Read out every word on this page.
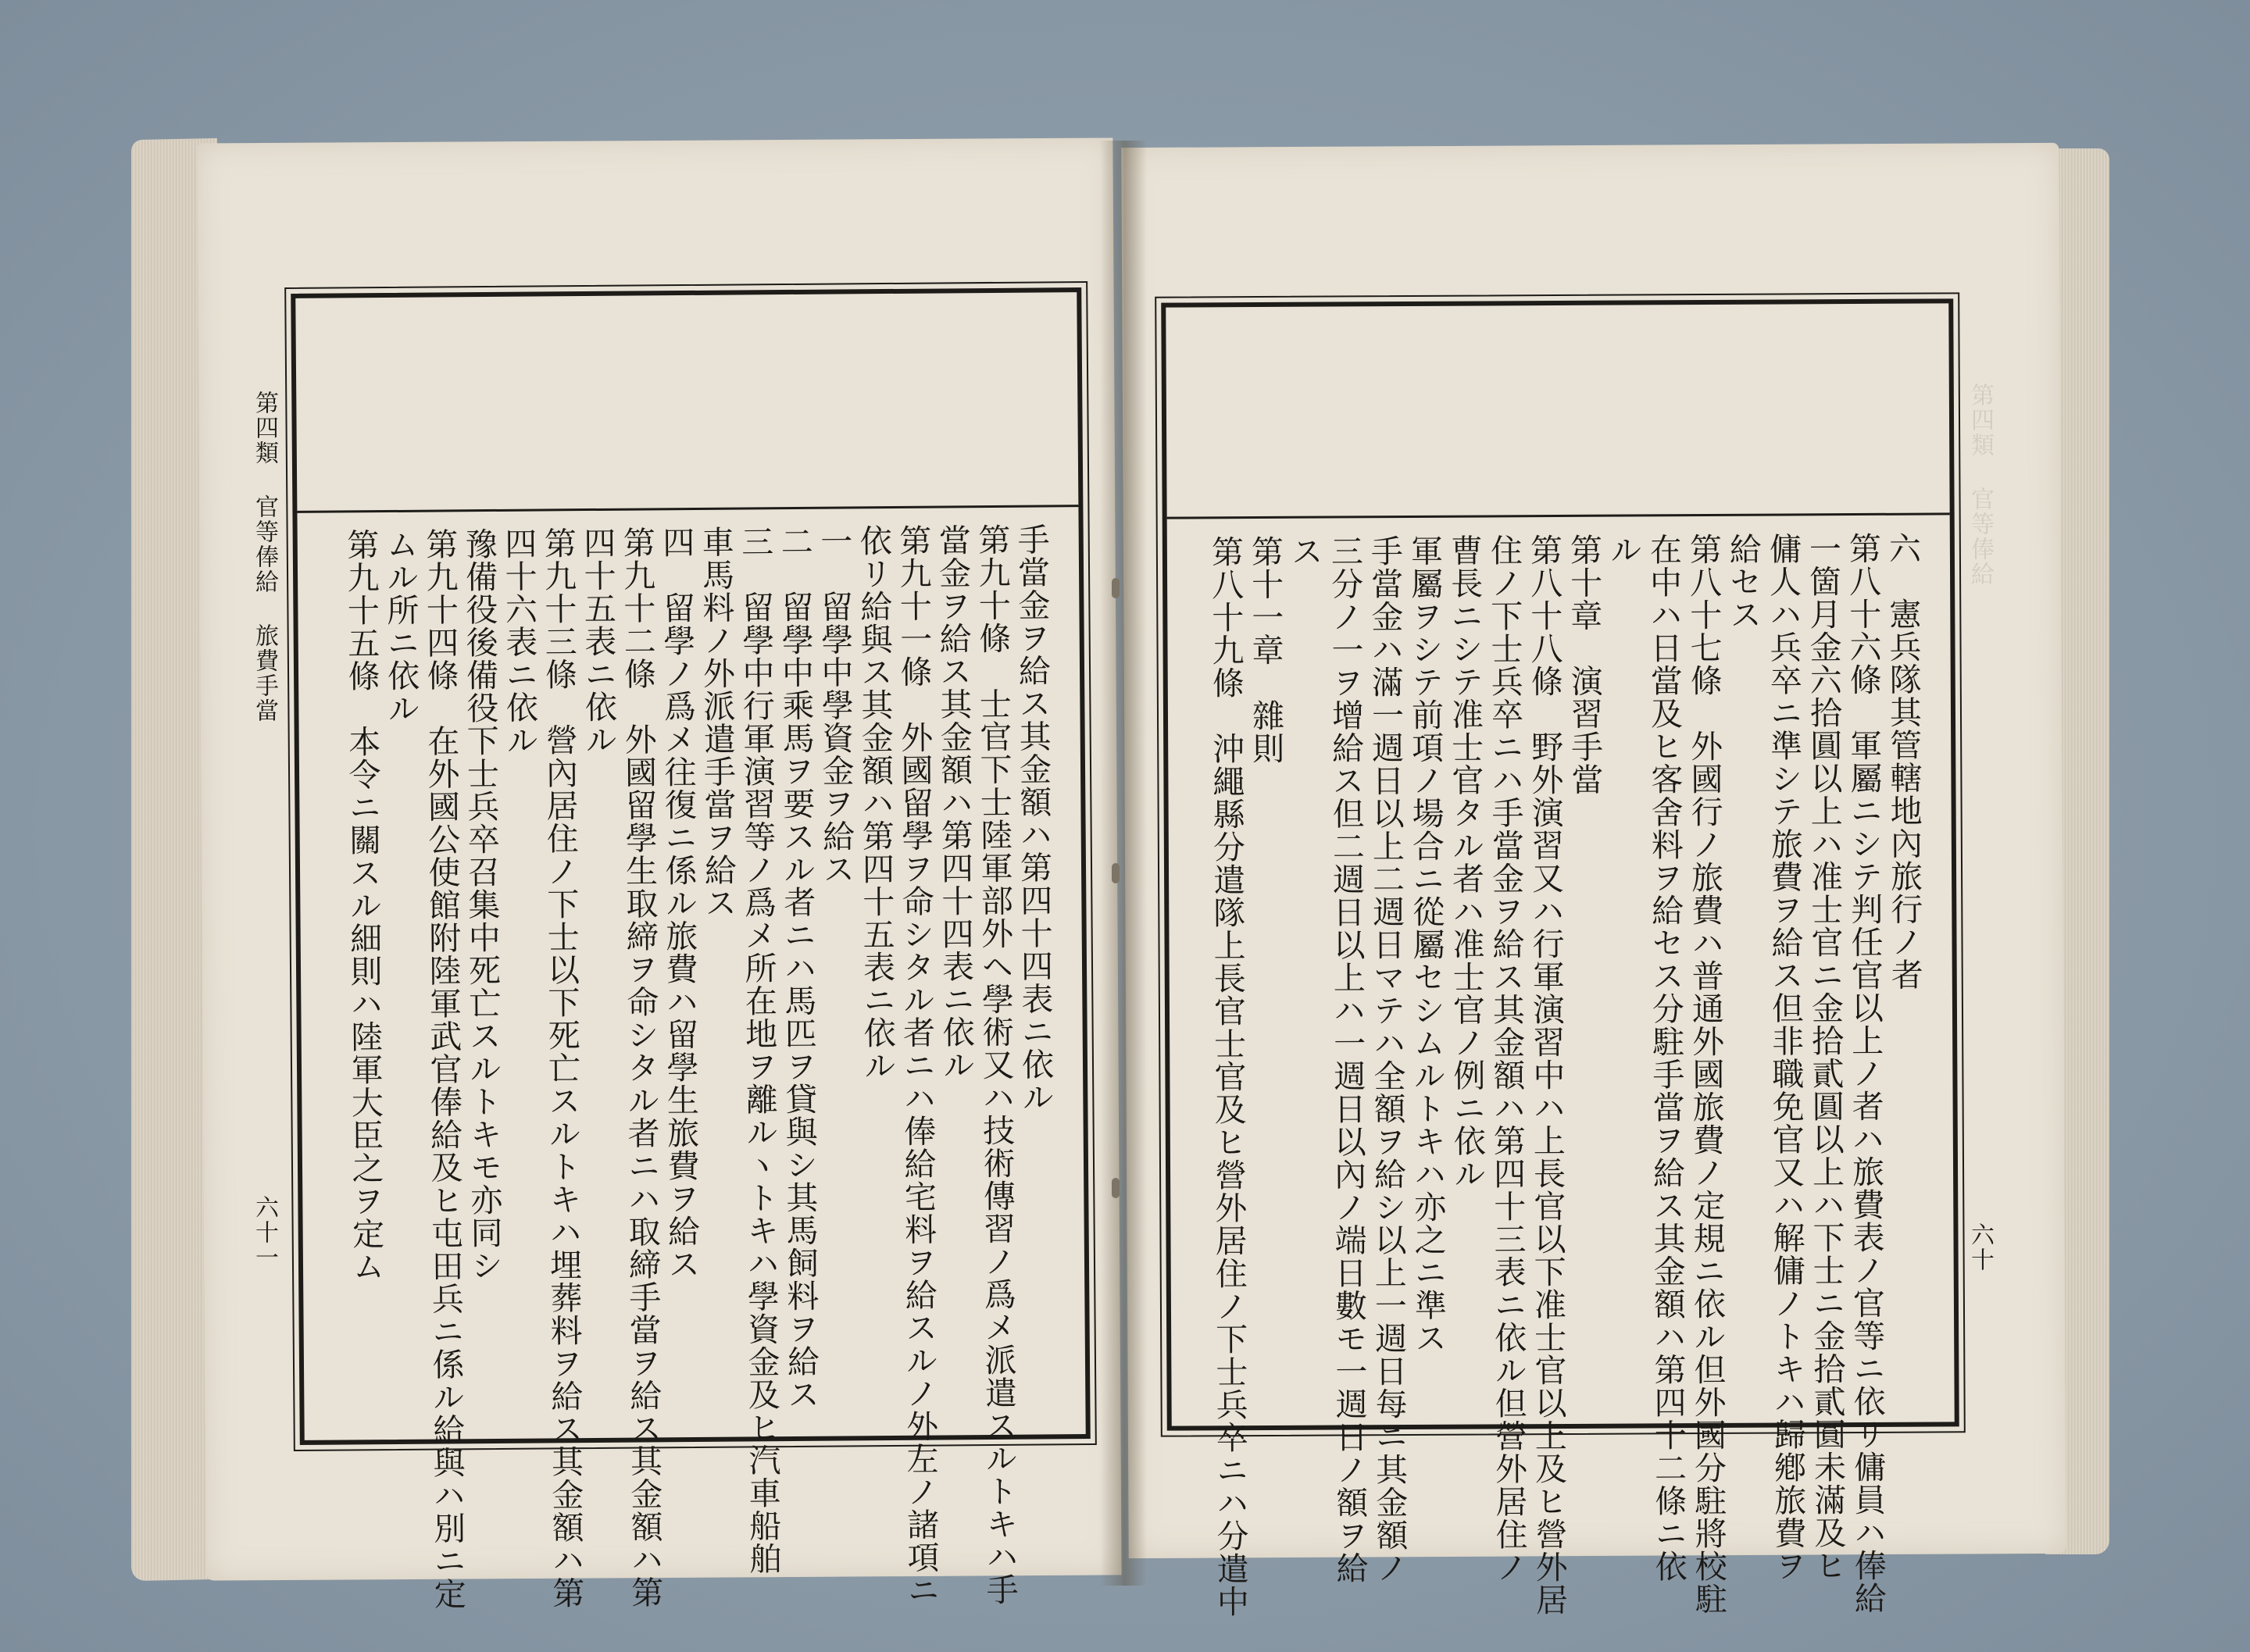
第四類 官等俸給 旅費手當
六十一
手當金ヲ給ス其金額ハ第四十四表ニ依ル
第九十條　士官下士陸軍部外ヘ學術又ハ技術傳習ノ爲メ派遣スルトキハ手
當金ヲ給ス其金額ハ第四十四表ニ依ル
第九十一條　外國留學ヲ命シタル者ニハ俸給宅料ヲ給スルノ外左ノ諸項ニ
依リ給與ス其金額ハ第四十五表ニ依ル
一　留學中學資金ヲ給ス
二　留學中乘馬ヲ要スル者ニハ馬匹ヲ貸與シ其馬飼料ヲ給ス
三　留學中行軍演習等ノ爲メ所在地ヲ離ルヽトキハ學資金及ヒ汽車船舶
車馬料ノ外派遣手當ヲ給ス
四　留學ノ爲メ往復ニ係ル旅費ハ留學生旅費ヲ給ス
第九十二條　外國留學生取締ヲ命シタル者ニハ取締手當ヲ給ス其金額ハ第
四十五表ニ依ル
第九十三條　營內居住ノ下士以下死亡スルトキハ埋葬料ヲ給ス其金額ハ第
四十六表ニ依ル
豫備役後備役下士兵卒召集中死亡スルトキモ亦同シ
第九十四條　在外國公使館附陸軍武官俸給及ヒ屯田兵ニ係ル給與ハ別ニ定
ムル所ニ依ル
第九十五條　本令ニ關スル細則ハ陸軍大臣之ヲ定ム
第四類 官等俸給
六十
六　憲兵隊其管轄地內旅行ノ者
第八十六條　軍屬ニシテ判任官以上ノ者ハ旅費表ノ官等ニ依リ傭員ハ俸給
一箇月金六拾圓以上ハ准士官ニ金拾貳圓以上ハ下士ニ金拾貳圓未滿及ヒ
傭人ハ兵卒ニ準シテ旅費ヲ給ス但非職免官又ハ解傭ノトキハ歸鄕旅費ヲ
給セス
第八十七條　外國行ノ旅費ハ普通外國旅費ノ定規ニ依ル但外國分駐將校駐
在中ハ日當及ヒ客舍料ヲ給セス分駐手當ヲ給ス其金額ハ第四十二條ニ依
ル
第十章　演習手當
第八十八條　野外演習又ハ行軍演習中ハ上長官以下准士官以上及ヒ營外居
住ノ下士兵卒ニハ手當金ヲ給ス其金額ハ第四十三表ニ依ル但營外居住ノ
曹長ニシテ准士官タル者ハ准士官ノ例ニ依ル
軍屬ヲシテ前項ノ場合ニ從屬セシムルトキハ亦之ニ準ス
手當金ハ滿一週日以上二週日マテハ全額ヲ給シ以上一週日每ニ其金額ノ
三分ノ一ヲ增給ス但二週日以上ハ一週日以內ノ端日數モ一週日ノ額ヲ給
ス
第十一章　雜則
第八十九條　沖繩縣分遣隊上長官士官及ヒ營外居住ノ下士兵卒ニハ分遣中
